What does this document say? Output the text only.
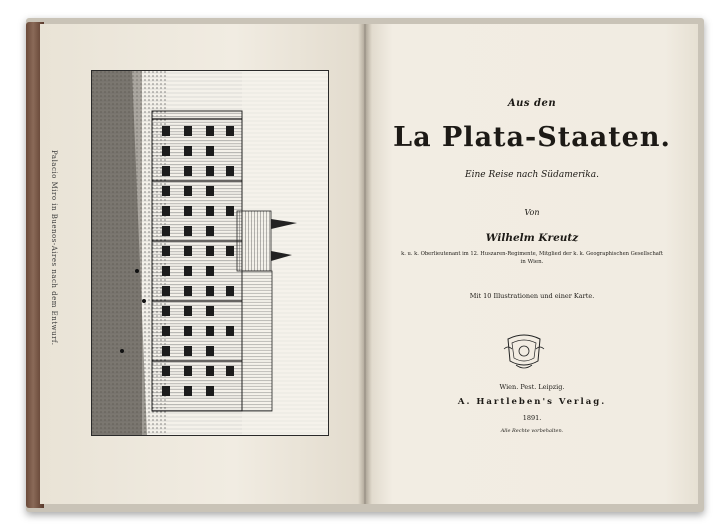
Palacio Miro in Buenos-Aires nach dem Entwurf.
Aus den
La Plata-Staaten.
Eine Reise nach Südamerika.
Von
Wilhelm Kreutz
k. u. k. Oberlieutenant im 12. Huszaren-Regimente, Mitglied der k. k. Geographischen Gesellschaft
in Wien.
Mit 10 Illustrationen und einer Karte.
Wien. Pest. Leipzig.
A. Hartleben's Verlag.
1891.
Alle Rechte vorbehalten.
